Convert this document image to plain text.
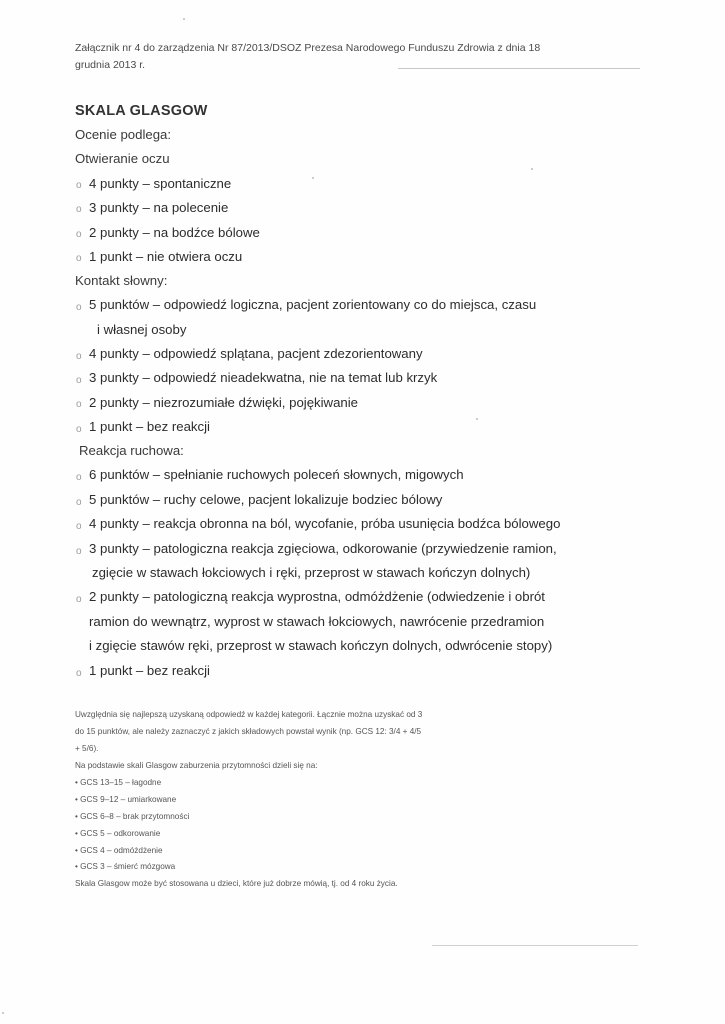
Załącznik nr 4 do zarządzenia Nr 87/2013/DSOZ Prezesa Narodowego Funduszu Zdrowia z dnia 18
grudnia 2013 r.
SKALA GLASGOW
Ocenie podlega:
Otwieranie oczu
o 4 punkty – spontaniczne
o 3 punkty – na polecenie
o 2 punkty – na bodźce bólowe
o 1 punkt – nie otwiera oczu
Kontakt słowny:
o 5 punktów – odpowiedź logiczna, pacjent zorientowany co do miejsca, czasu
i własnej osoby
o 4 punkty – odpowiedź splątana, pacjent zdezorientowany
o 3 punkty – odpowiedź nieadekwatna, nie na temat lub krzyk
o 2 punkty – niezrozumiałe dźwięki, pojękiwanie
o 1 punkt – bez reakcji
Reakcja ruchowa:
o 6 punktów – spełnianie ruchowych poleceń słownych, migowych
o 5 punktów – ruchy celowe, pacjent lokalizuje bodziec bólowy
o 4 punkty – reakcja obronna na ból, wycofanie, próba usunięcia bodźca bólowego
o 3 punkty – patologiczna reakcja zgięciowa, odkorowanie (przywiedzenie ramion,
zgięcie w stawach łokciowych i ręki, przeprost w stawach kończyn dolnych)
o 2 punkty – patologiczną reakcja wyprostna, odmóżdżenie (odwiedzenie i obrót
ramion do wewnątrz, wyprost w stawach łokciowych, nawrócenie przedramion
i zgięcie stawów ręki, przeprost w stawach kończyn dolnych, odwrócenie stopy)
o 1 punkt – bez reakcji
Uwzględnia się najlepszą uzyskaną odpowiedź w każdej kategorii. Łącznie można uzyskać od 3
do 15 punktów, ale należy zaznaczyć z jakich składowych powstał wynik (np. GCS 12: 3/4 + 4/5
+ 5/6).
Na podstawie skali Glasgow zaburzenia przytomności dzieli się na:
• GCS 13–15 – łagodne
• GCS 9–12 – umiarkowane
• GCS 6–8 – brak przytomności
• GCS 5 – odkorowanie
• GCS 4 – odmóżdżenie
• GCS 3 – śmierć mózgowa
Skala Glasgow może być stosowana u dzieci, które już dobrze mówią, tj. od 4 roku życia.
